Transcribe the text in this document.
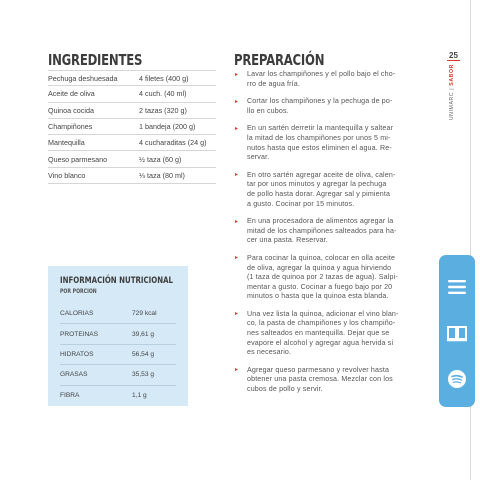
INGREDIENTES
Pechuga deshuesada	4 filetes (400 g)
Aceite de oliva	4 cuch. (40 ml)
Quinoa cocida	2 tazas (320 g)
Champiñones	1 bandeja (200 g)
Mantequilla	4 cucharaditas (24 g)
Queso parmesano	½ taza (60 g)
Vino blanco	⅓ taza (80 ml)
INFORMACIÓN NUTRICIONAL
POR PORCIÓN
CALORIAS	729 kcal
PROTEINAS	39,61 g
HIDRATOS	56,54 g
GRASAS	35,53 g
FIBRA	1,1 g
PREPARACIÓN
▸ Lavar los champiñones y el pollo bajo el cho-
rro de agua fría.
▸ Cortar los champiñones y la pechuga de po-
llo en cubos.
▸ En un sartén derretir la mantequilla y saltear
la mitad de los champiñones por unos 5 mi-
nutos hasta que estos eliminen el agua. Re-
servar.
▸ En otro sartén agregar aceite de oliva, calen-
tar por unos minutos y agregar la pechuga
de pollo hasta dorar. Agregar sal y pimienta
a gusto. Cocinar por 15 minutos.
▸ En una procesadora de alimentos agregar la
mitad de los champiñones salteados para ha-
cer una pasta. Reservar.
▸ Para cocinar la quinoa, colocar en olla aceite
de oliva, agregar la quinoa y agua hirviendo
(1 taza de quinoa por 2 tazas de agua). Salpi-
mentar a gusto. Cocinar a fuego bajo por 20
minutos o hasta que la quinoa esta blanda.
▸ Una vez lista la quinoa, adicionar el vino blan-
co, la pasta de champiñones y los champiño-
nes salteados en mantequilla. Dejar que se
evapore el alcohol y agregar agua hervida si
es necesario.
▸ Agregar queso parmesano y revolver hasta
obtener una pasta cremosa. Mezclar con los
cubos de pollo y servir.
25
UNIMARC | SABOR
